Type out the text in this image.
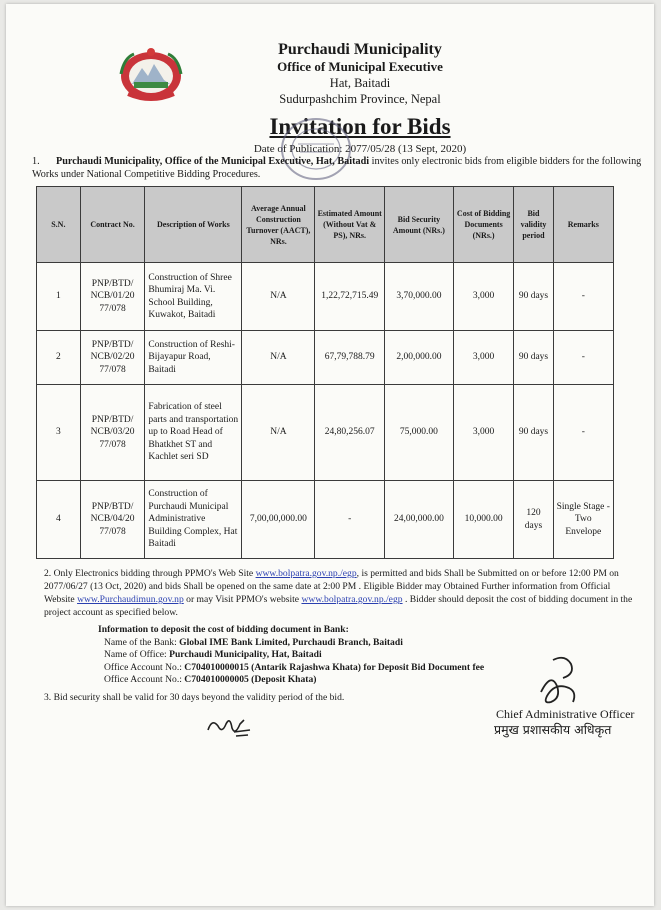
Purchaudi Municipality
Office of Municipal Executive
Hat, Baitadi
Sudurpashchim Province, Nepal
Invitation for Bids
Date of Publication: 2077/05/28 (13 Sept, 2020)
1. Purchaudi Municipality, Office of the Municipal Executive, Hat, Baitadi invites only electronic bids from eligible bidders for the following Works under National Competitive Bidding Procedures.
S.N.	Contract No.	Description of Works	Average Annual Construction Turnover (AACT), NRs.	Estimated Amount (Without Vat & PS), NRs.	Bid Security Amount (NRs.)	Cost of Bidding Documents (NRs.)	Bid validity period	Remarks
1	PNP/BTD/ NCB/01/20 77/078	Construction of Shree Bhumiraj Ma. Vi. School Building, Kuwakot, Baitadi	N/A	1,22,72,715.49	3,70,000.00	3,000	90 days	-
2	PNP/BTD/ NCB/02/20 77/078	Construction of Reshi-Bijayapur Road, Baitadi	N/A	67,79,788.79	2,00,000.00	3,000	90 days	-
3	PNP/BTD/ NCB/03/20 77/078	Fabrication of steel parts and transportation up to Road Head of Bhatkhet ST and Kachlet seri SD	N/A	24,80,256.07	75,000.00	3,000	90 days	-
4	PNP/BTD/ NCB/04/20 77/078	Construction of Purchaudi Municipal Administrative Building Complex, Hat Baitadi	7,00,00,000.00	-	24,00,000.00	10,000.00	120 days	Single Stage -Two Envelope
2. Only Electronics bidding through PPMO's Web Site www.bolpatra.gov.np./egp, is permitted and bids Shall be Submitted on or before 12:00 PM on 2077/06/27 (13 Oct, 2020) and bids Shall be opened on the same date at 2:00 PM . Eligible Bidder may Obtained Further information from Official Website www.Purchaudimun.gov.np or may Visit PPMO's website www.bolpatra.gov.np./egp . Bidder should deposit the cost of bidding document in the project account as specified below.
Information to deposit the cost of bidding document in Bank:
Name of the Bank: Global IME Bank Limited, Purchaudi Branch, Baitadi
Name of Office: Purchaudi Municipality, Hat, Baitadi
Office Account No.: C704010000015 (Antarik Rajashwa Khata) for Deposit Bid Document fee
Office Account No.: C704010000005 (Deposit Khata)
3. Bid security shall be valid for 30 days beyond the validity period of the bid.
Chief Administrative Officer
प्रमुख प्रशासकीय अधिकृत
